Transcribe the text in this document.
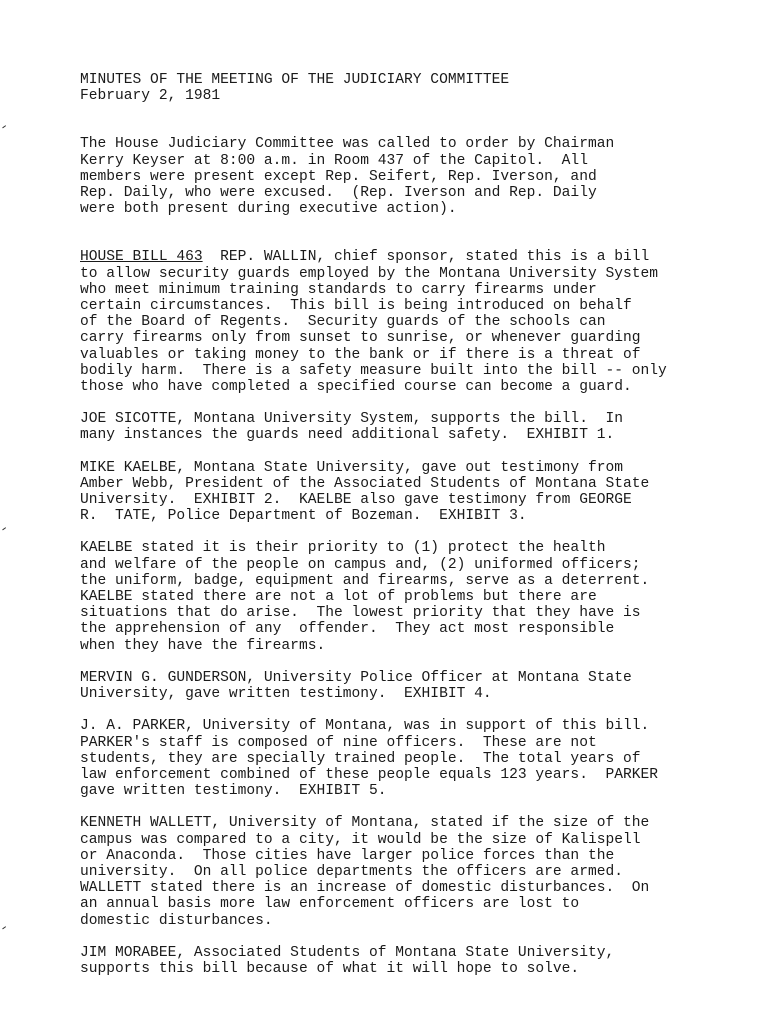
MINUTES OF THE MEETING OF THE JUDICIARY COMMITTEE

February 2, 1981

The House Judiciary Committee was called to order by Chairman
Kerry Keyser at 8:00 a.m. in Room 437 of the Capitol.  All
members were present except Rep. Seifert, Rep. Iverson, and
Rep. Daily, who were excused.  (Rep. Iverson and Rep. Daily
were both present during executive action).

HOUSE BILL 463  REP. WALLIN, chief sponsor, stated this is a bill
to allow security guards employed by the Montana University System
who meet minimum training standards to carry firearms under
certain circumstances.  This bill is being introduced on behalf
of the Board of Regents.  Security guards of the schools can
carry firearms only from sunset to sunrise, or whenever guarding
valuables or taking money to the bank or if there is a threat of
bodily harm.  There is a safety measure built into the bill -- only
those who have completed a specified course can become a guard.

JOE SICOTTE, Montana University System, supports the bill.  In
many instances the guards need additional safety.  EXHIBIT 1.

MIKE KAELBE, Montana State University, gave out testimony from
Amber Webb, President of the Associated Students of Montana State
University.  EXHIBIT 2.  KAELBE also gave testimony from GEORGE
R.  TATE, Police Department of Bozeman.  EXHIBIT 3.

KAELBE stated it is their priority to (1) protect the health
and welfare of the people on campus and, (2) uniformed officers;
the uniform, badge, equipment and firearms, serve as a deterrent.
KAELBE stated there are not a lot of problems but there are
situations that do arise.  The lowest priority that they have is
the apprehension of any  offender.  They act most responsible
when they have the firearms.

MERVIN G. GUNDERSON, University Police Officer at Montana State
University, gave written testimony.  EXHIBIT 4.

J. A. PARKER, University of Montana, was in support of this bill.
PARKER's staff is composed of nine officers.  These are not
students, they are specially trained people.  The total years of
law enforcement combined of these people equals 123 years.  PARKER
gave written testimony.  EXHIBIT 5.

KENNETH WALLETT, University of Montana, stated if the size of the
campus was compared to a city, it would be the size of Kalispell
or Anaconda.  Those cities have larger police forces than the
university.  On all police departments the officers are armed.
WALLETT stated there is an increase of domestic disturbances.  On
an annual basis more law enforcement officers are lost to
domestic disturbances.

JIM MORABEE, Associated Students of Montana State University,
supports this bill because of what it will hope to solve.
